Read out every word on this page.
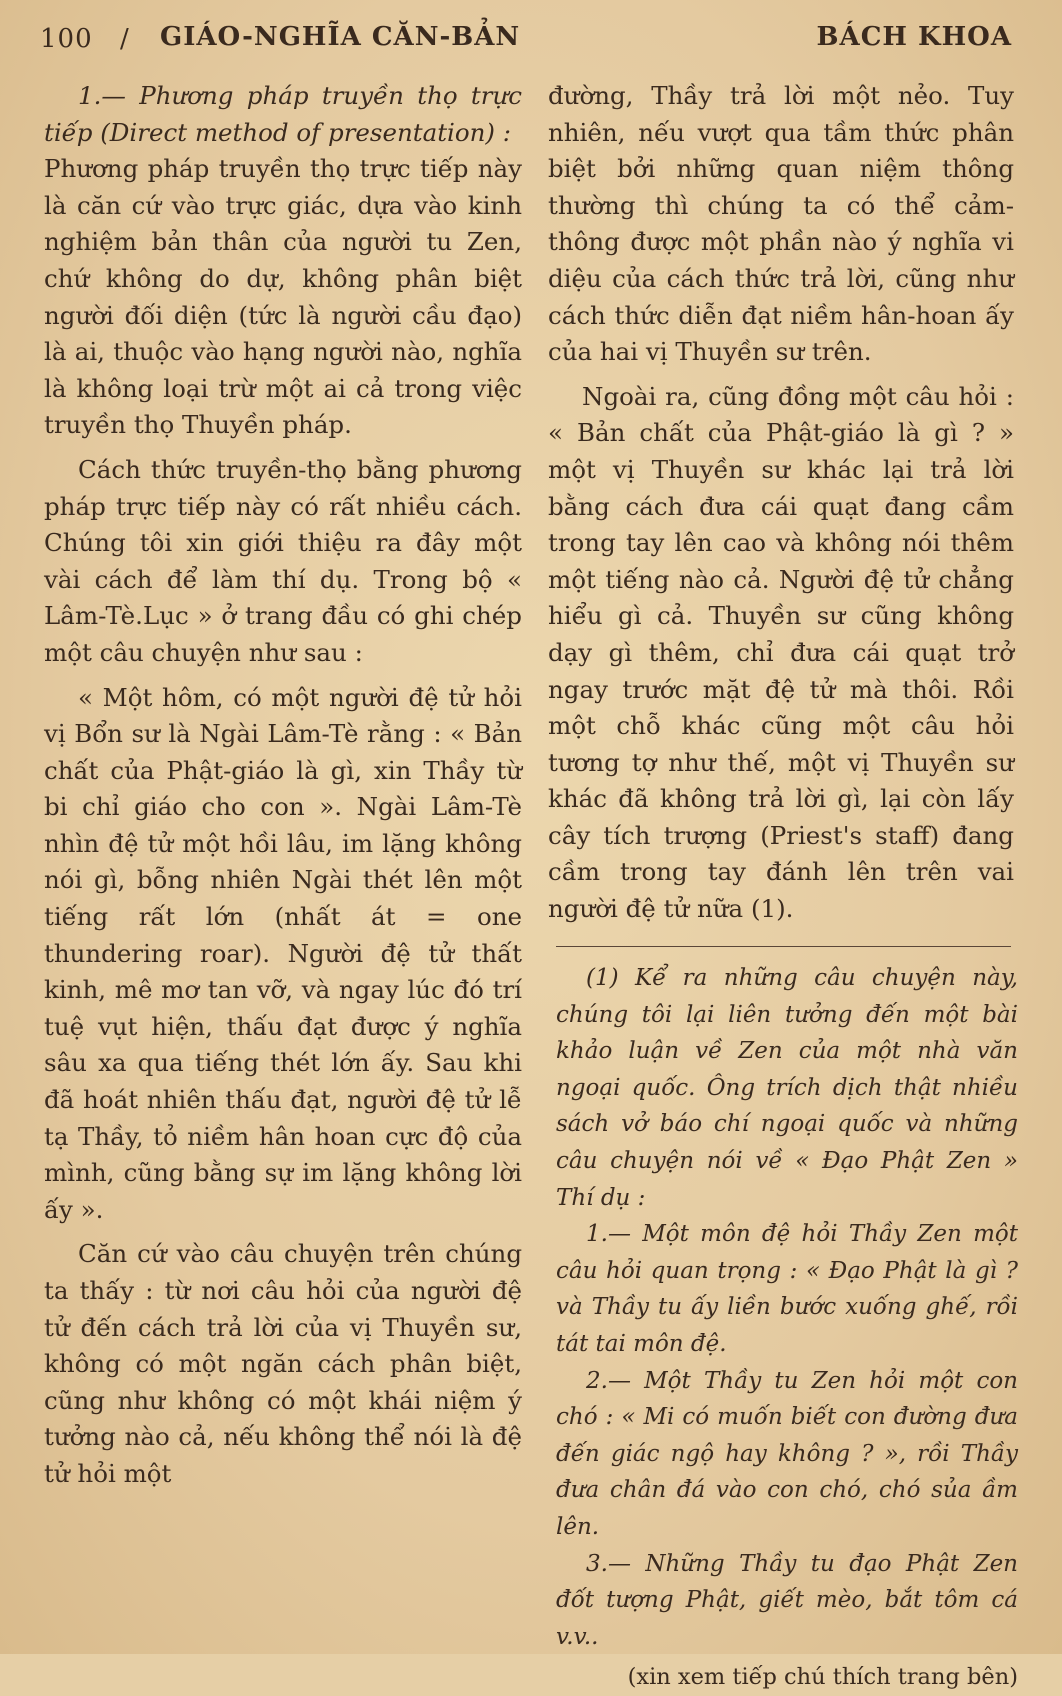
100 / GIÁO-NGHĨA CĂN-BẢN	BÁCH KHOA

1.— Phương pháp truyền thọ trực tiếp (Direct method of presentation) :

Phương pháp truyền thọ trực tiếp này là căn cứ vào trực giác, dựa vào kinh nghiệm bản thân của người tu Zen, chứ không do dự, không phân biệt người đối diện (tức là người cầu đạo) là ai, thuộc vào hạng người nào, nghĩa là không loại trừ một ai cả trong việc truyền thọ Thuyền pháp.

Cách thức truyền-thọ bằng phương pháp trực tiếp này có rất nhiều cách. Chúng tôi xin giới thiệu ra đây một vài cách để làm thí dụ. Trong bộ « Lâm-Tè.Lục » ở trang đầu có ghi chép một câu chuyện như sau :

« Một hôm, có một người đệ tử hỏi vị Bổn sư là Ngài Lâm-Tè rằng : « Bản chất của Phật-giáo là gì, xin Thầy từ bi chỉ giáo cho con ». Ngài Lâm-Tè nhìn đệ tử một hồi lâu, im lặng không nói gì, bỗng nhiên Ngài thét lên một tiếng rất lớn (nhất át = one thundering roar). Người đệ tử thất kinh, mê mơ tan vỡ, và ngay lúc đó trí tuệ vụt hiện, thấu đạt được ý nghĩa sâu xa qua tiếng thét lớn ấy. Sau khi đã hoát nhiên thấu đạt, người đệ tử lễ tạ Thầy, tỏ niềm hân hoan cực độ của mình, cũng bằng sự im lặng không lời ấy ».

Căn cứ vào câu chuyện trên chúng ta thấy : từ nơi câu hỏi của người đệ tử đến cách trả lời của vị Thuyền sư, không có một ngăn cách phân biệt, cũng như không có một khái niệm ý tưởng nào cả, nếu không thể nói là đệ tử hỏi một

đường, Thầy trả lời một nẻo. Tuy nhiên, nếu vượt qua tầm thức phân biệt bởi những quan niệm thông thường thì chúng ta có thể cảm-thông được một phần nào ý nghĩa vi diệu của cách thức trả lời, cũng như cách thức diễn đạt niềm hân-hoan ấy của hai vị Thuyền sư trên.

Ngoài ra, cũng đồng một câu hỏi : « Bản chất của Phật-giáo là gì ? » một vị Thuyền sư khác lại trả lời bằng cách đưa cái quạt đang cầm trong tay lên cao và không nói thêm một tiếng nào cả. Người đệ tử chẳng hiểu gì cả. Thuyền sư cũng không dạy gì thêm, chỉ đưa cái quạt trở ngay trước mặt đệ tử mà thôi. Rồi một chỗ khác cũng một câu hỏi tương tợ như thế, một vị Thuyền sư khác đã không trả lời gì, lại còn lấy cây tích trượng (Priest's staff) đang cầm trong tay đánh lên trên vai người đệ tử nữa (1).

(1) Kể ra những câu chuyện này, chúng tôi lại liên tưởng đến một bài khảo luận về Zen của một nhà văn ngoại quốc. Ông trích dịch thật nhiều sách vở báo chí ngoại quốc và những câu chuyện nói về « Đạo Phật Zen » Thí dụ :

1.— Một môn đệ hỏi Thầy Zen một câu hỏi quan trọng : « Đạo Phật là gì ? và Thầy tu ấy liền bước xuống ghế, rồi tát tai môn đệ.

2.— Một Thầy tu Zen hỏi một con chó : « Mi có muốn biết con đường đưa đến giác ngộ hay không ? », rồi Thầy đưa chân đá vào con chó, chó sủa ầm lên.

3.— Những Thầy tu đạo Phật Zen đốt tượng Phật, giết mèo, bắt tôm cá v.v..

(xin xem tiếp chú thích trang bên)
